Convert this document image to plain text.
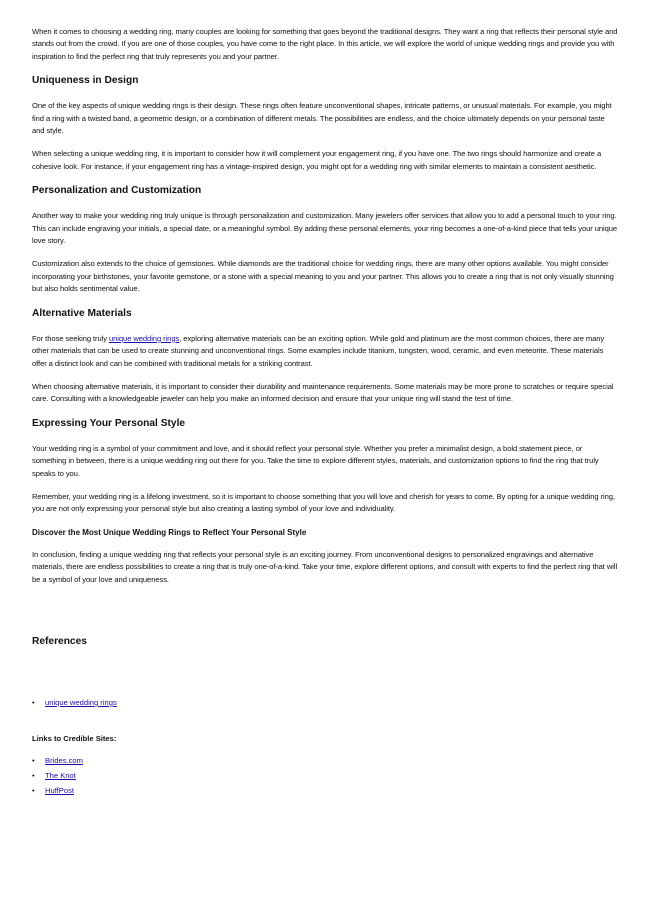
When it comes to choosing a wedding ring, many couples are looking for something that goes beyond the traditional designs. They want a ring that reflects their personal style and stands out from the crowd. If you are one of those couples, you have come to the right place. In this article, we will explore the world of unique wedding rings and provide you with inspiration to find the perfect ring that truly represents you and your partner.

Uniqueness in Design

One of the key aspects of unique wedding rings is their design. These rings often feature unconventional shapes, intricate patterns, or unusual materials. For example, you might find a ring with a twisted band, a geometric design, or a combination of different metals. The possibilities are endless, and the choice ultimately depends on your personal taste and style.

When selecting a unique wedding ring, it is important to consider how it will complement your engagement ring, if you have one. The two rings should harmonize and create a cohesive look. For instance, if your engagement ring has a vintage-inspired design, you might opt for a wedding ring with similar elements to maintain a consistent aesthetic.

Personalization and Customization

Another way to make your wedding ring truly unique is through personalization and customization. Many jewelers offer services that allow you to add a personal touch to your ring. This can include engraving your initials, a special date, or a meaningful symbol. By adding these personal elements, your ring becomes a one-of-a-kind piece that tells your unique love story.

Customization also extends to the choice of gemstones. While diamonds are the traditional choice for wedding rings, there are many other options available. You might consider incorporating your birthstones, your favorite gemstone, or a stone with a special meaning to you and your partner. This allows you to create a ring that is not only visually stunning but also holds sentimental value.

Alternative Materials

For those seeking truly unique wedding rings, exploring alternative materials can be an exciting option. While gold and platinum are the most common choices, there are many other materials that can be used to create stunning and unconventional rings. Some examples include titanium, tungsten, wood, ceramic, and even meteorite. These materials offer a distinct look and can be combined with traditional metals for a striking contrast.

When choosing alternative materials, it is important to consider their durability and maintenance requirements. Some materials may be more prone to scratches or require special care. Consulting with a knowledgeable jeweler can help you make an informed decision and ensure that your unique ring will stand the test of time.

Expressing Your Personal Style

Your wedding ring is a symbol of your commitment and love, and it should reflect your personal style. Whether you prefer a minimalist design, a bold statement piece, or something in between, there is a unique wedding ring out there for you. Take the time to explore different styles, materials, and customization options to find the ring that truly speaks to you.

Remember, your wedding ring is a lifelong investment, so it is important to choose something that you will love and cherish for years to come. By opting for a unique wedding ring, you are not only expressing your personal style but also creating a lasting symbol of your love and individuality.

Discover the Most Unique Wedding Rings to Reflect Your Personal Style

In conclusion, finding a unique wedding ring that reflects your personal style is an exciting journey. From unconventional designs to personalized engravings and alternative materials, there are endless possibilities to create a ring that is truly one-of-a-kind. Take your time, explore different options, and consult with experts to find the perfect ring that will be a symbol of your love and uniqueness.

References
• unique wedding rings
Links to Credible Sites:
• Brides.com
• The Knot
• HuffPost
